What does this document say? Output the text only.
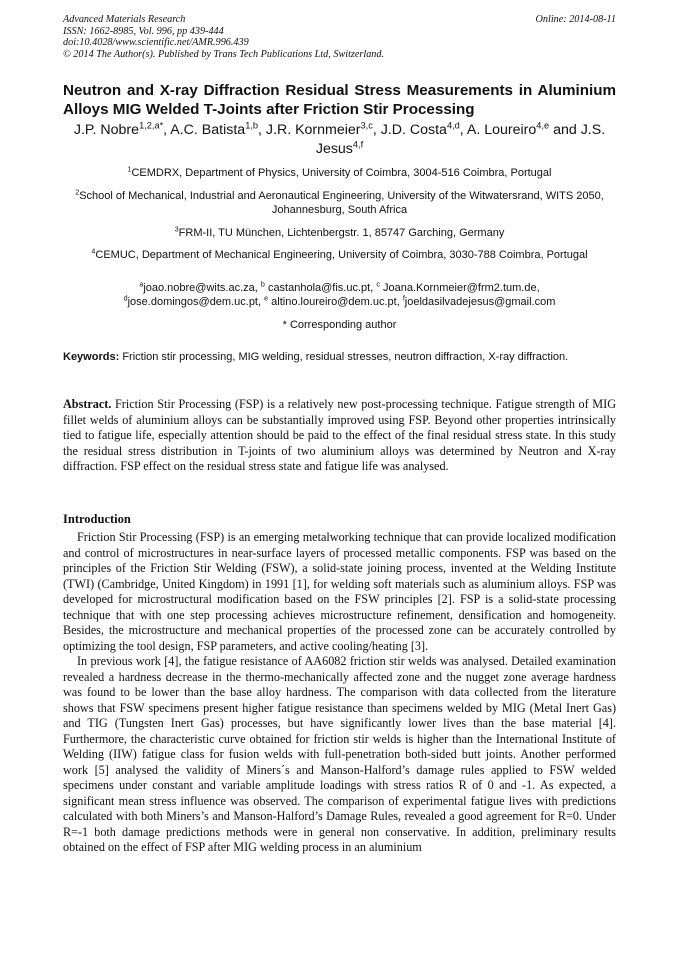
Advanced Materials Research
ISSN: 1662-8985, Vol. 996, pp 439-444
doi:10.4028/www.scientific.net/AMR.996.439
© 2014 The Author(s). Published by Trans Tech Publications Ltd, Switzerland.
Online: 2014-08-11
Neutron and X-ray Diffraction Residual Stress Measurements in Aluminium Alloys MIG Welded T-Joints after Friction Stir Processing
J.P. Nobre$^{1,2,a*}$, A.C. Batista$^{1,b}$, J.R. Kornmeier$^{3,c}$, J.D. Costa$^{4,d}$, A. Loureiro$^{4,e}$ and J.S. Jesus$^{4,f}$
$^1$CEMDRX, Department of Physics, University of Coimbra, 3004-516 Coimbra, Portugal
$^2$School of Mechanical, Industrial and Aeronautical Engineering, University of the Witwatersrand, WITS 2050, Johannesburg, South Africa
$^3$FRM-II, TU München, Lichtenbergstr. 1, 85747 Garching, Germany
$^4$CEMUC, Department of Mechanical Engineering, University of Coimbra, 3030-788 Coimbra, Portugal
$^a$joao.nobre@wits.ac.za, $^b$ castanhola@fis.uc.pt, $^c$ Joana.Kornmeier@frm2.tum.de,
$^d$jose.domingos@dem.uc.pt, $^e$ altino.loureiro@dem.uc.pt, $^f$joeldasilvadejesus@gmail.com
* Corresponding author
Keywords: Friction stir processing, MIG welding, residual stresses, neutron diffraction, X-ray diffraction.
Abstract. Friction Stir Processing (FSP) is a relatively new post-processing technique. Fatigue strength of MIG fillet welds of aluminium alloys can be substantially improved using FSP. Beyond other properties intrinsically tied to fatigue life, especially attention should be paid to the effect of the final residual stress state. In this study the residual stress distribution in T-joints of two aluminium alloys was determined by Neutron and X-ray diffraction. FSP effect on the residual stress state and fatigue life was analysed.
Introduction

Friction Stir Processing (FSP) is an emerging metalworking technique that can provide localized modification and control of microstructures in near-surface layers of processed metallic components. FSP was based on the principles of the Friction Stir Welding (FSW), a solid-state joining process, invented at the Welding Institute (TWI) (Cambridge, United Kingdom) in 1991 [1], for welding soft materials such as aluminium alloys. FSP was developed for microstructural modification based on the FSW principles [2]. FSP is a solid-state processing technique that with one step processing achieves microstructure refinement, densification and homogeneity. Besides, the microstructure and mechanical properties of the processed zone can be accurately controlled by optimizing the tool design, FSP parameters, and active cooling/heating [3].

In previous work [4], the fatigue resistance of AA6082 friction stir welds was analysed. Detailed examination revealed a hardness decrease in the thermo-mechanically affected zone and the nugget zone average hardness was found to be lower than the base alloy hardness. The comparison with data collected from the literature shows that FSW specimens present higher fatigue resistance than specimens welded by MIG (Metal Inert Gas) and TIG (Tungsten Inert Gas) processes, but have significantly lower lives than the base material [4]. Furthermore, the characteristic curve obtained for friction stir welds is higher than the International Institute of Welding (IIW) fatigue class for fusion welds with full-penetration both-sided butt joints. Another performed work [5] analysed the validity of Miners´s and Manson-Halford’s damage rules applied to FSW welded specimens under constant and variable amplitude loadings with stress ratios R of 0 and -1. As expected, a significant mean stress influence was observed. The comparison of experimental fatigue lives with predictions calculated with both Miners’s and Manson-Halford’s Damage Rules, revealed a good agreement for R=0. Under R=-1 both damage predictions methods were in general non conservative. In addition, preliminary results obtained on the effect of FSP after MIG welding process in an aluminium
